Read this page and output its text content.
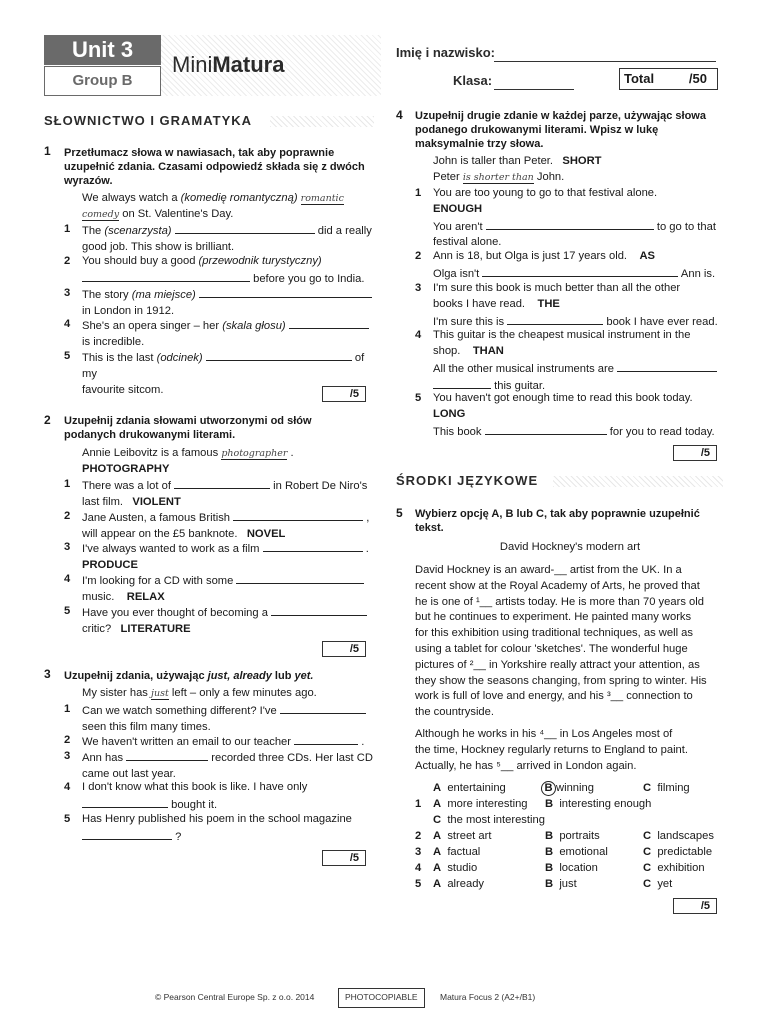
Unit 3
Group B
MiniMatura	Imię i nazwisko:
Klasa:	Total	/50
SŁOWNICTWO I GRAMATYKA
1 Przetłumacz słowa w nawiasach, tak aby poprawnie uzupełnić zdania. Czasami odpowiedź składa się z dwóch wyrazów.
We always watch a (komedię romantyczną) romantic
comedy on St. Valentine's Day.
1 The (scenarzysta)	did a really
good job. This show is brilliant.
2 You should buy a good (przewodnik turystyczny)
before you go to India.
3 The story (ma miejsce)
in London in 1912.
4 She's an opera singer – her (skala głosu)
is incredible.
5 This is the last (odcinek)	of my
favourite sitcom.	/5
2 Uzupełnij zdania słowami utworzonymi od słów podanych drukowanymi literami.
Annie Leibovitz is a famous photographer .
PHOTOGRAPHY
1 There was a lot of	in Robert De Niro's
last film. VIOLENT
2 Jane Austen, a famous British	,
will appear on the £5 banknote. NOVEL
3 I've always wanted to work as a film	.
PRODUCE
4 I'm looking for a CD with some
music. RELAX
5 Have you ever thought of becoming a
critic? LITERATURE
/5
3 Uzupełnij zdania, używając just, already lub yet.
My sister has just left – only a few minutes ago.
1 Can we watch something different? I've
seen this film many times.
2 We haven't written an email to our teacher	.
3 Ann has	recorded three CDs. Her last CD
came out last year.
4 I don't know what this book is like. I have only
bought it.
5 Has Henry published his poem in the school magazine
?
/5
4 Uzupełnij drugie zdanie w każdej parze, używając słowa podanego drukowanymi literami. Wpisz w lukę maksymalnie trzy słowa.
John is taller than Peter. SHORT
Peter is shorter than John.
1 You are too young to go to that festival alone.
ENOUGH
You aren't	to go to that
festival alone.
2 Ann is 18, but Olga is just 17 years old. AS
Olga isn't	Ann is.
3 I'm sure this book is much better than all the other
books I have read. THE
I'm sure this is	book I have ever read.
4 This guitar is the cheapest musical instrument in the
shop. THAN
All the other musical instruments are
this guitar.
5 You haven't got enough time to read this book today.
LONG
This book	for you to read today.
/5
ŚRODKI JĘZYKOWE
5 Wybierz opcję A, B lub C, tak aby poprawnie uzupełnić tekst.
David Hockney's modern art
David Hockney is an award-__ artist from the UK. In a
recent show at the Royal Academy of Arts, he proved that
he is one of ¹__ artists today. He is more than 70 years old
but he continues to experiment. He painted many works
for this exhibition using traditional techniques, as well as
using a tablet for colour 'sketches'. The wonderful huge
pictures of ²__ in Yorkshire really attract your attention, as
they show the seasons changing, from spring to winter. His
work is full of love and energy, and his ³__ connection to
the countryside.
Although he works in his ⁴__ in Los Angeles most of
the time, Hockney regularly returns to England to paint.
Actually, he has ⁵__ arrived in London again.
A entertaining	B winning	C filming
1 A more interesting B interesting enough
C the most interesting
2 A street art	B portraits	C landscapes
3 A factual	B emotional	C predictable
4 A studio	B location	C exhibition
5 A already	B just	C yet
/5
© Pearson Central Europe Sp. z o.o. 2014	PHOTOCOPIABLE	Matura Focus 2 (A2+/B1)
